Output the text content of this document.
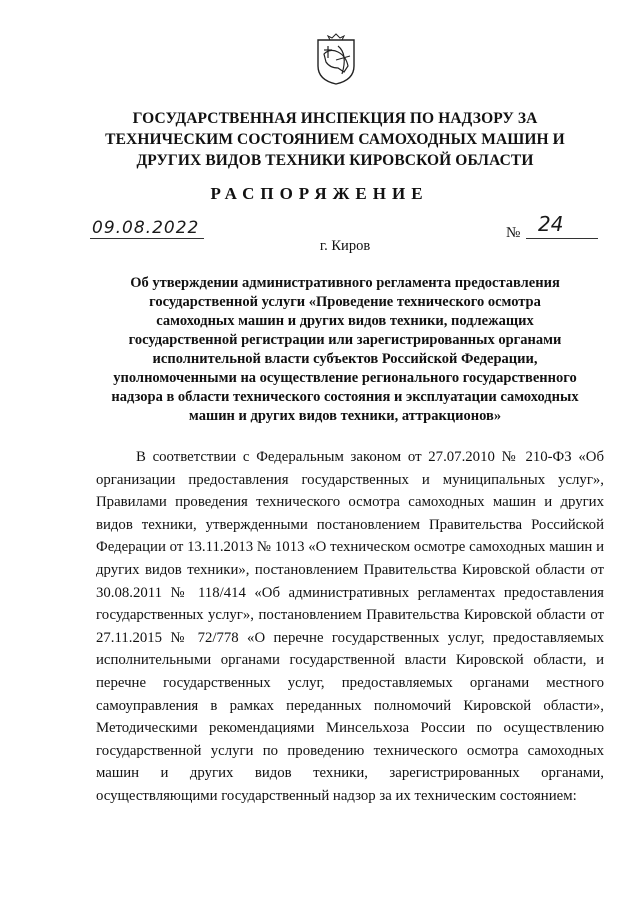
ГОСУДАРСТВЕННАЯ ИНСПЕКЦИЯ ПО НАДЗОРУ ЗА ТЕХНИЧЕСКИМ СОСТОЯНИЕМ САМОХОДНЫХ МАШИН И ДРУГИХ ВИДОВ ТЕХНИКИ КИРОВСКОЙ ОБЛАСТИ
РАСПОРЯЖЕНИЕ
09.08.2022	№ 24
г. Киров
Об утверждении административного регламента предоставления государственной услуги «Проведение технического осмотра самоходных машин и других видов техники, подлежащих государственной регистрации или зарегистрированных органами исполнительной власти субъектов Российской Федерации, уполномоченными на осуществление регионального государственного надзора в области технического состояния и эксплуатации самоходных машин и других видов техники, аттракционов»

В соответствии с Федеральным законом от 27.07.2010 № 210-ФЗ «Об организации предоставления государственных и муниципальных услуг», Правилами проведения технического осмотра самоходных машин и других видов техники, утвержденными постановлением Правительства Российской Федерации от 13.11.2013 № 1013 «О техническом осмотре самоходных машин и других видов техники», постановлением Правительства Кировской области от 30.08.2011 № 118/414 «Об административных регламентах предоставления государственных услуг», постановлением Правительства Кировской области от 27.11.2015 № 72/778 «О перечне государственных услуг, предоставляемых исполнительными органами государственной власти Кировской области, и перечне государственных услуг, предоставляемых органами местного самоуправления в рамках переданных полномочий Кировской области», Методическими рекомендациями Минсельхоза России по осуществлению государственной услуги по проведению технического осмотра самоходных машин и других видов техники, зарегистрированных органами, осуществляющими государственный надзор за их техническим состоянием:
